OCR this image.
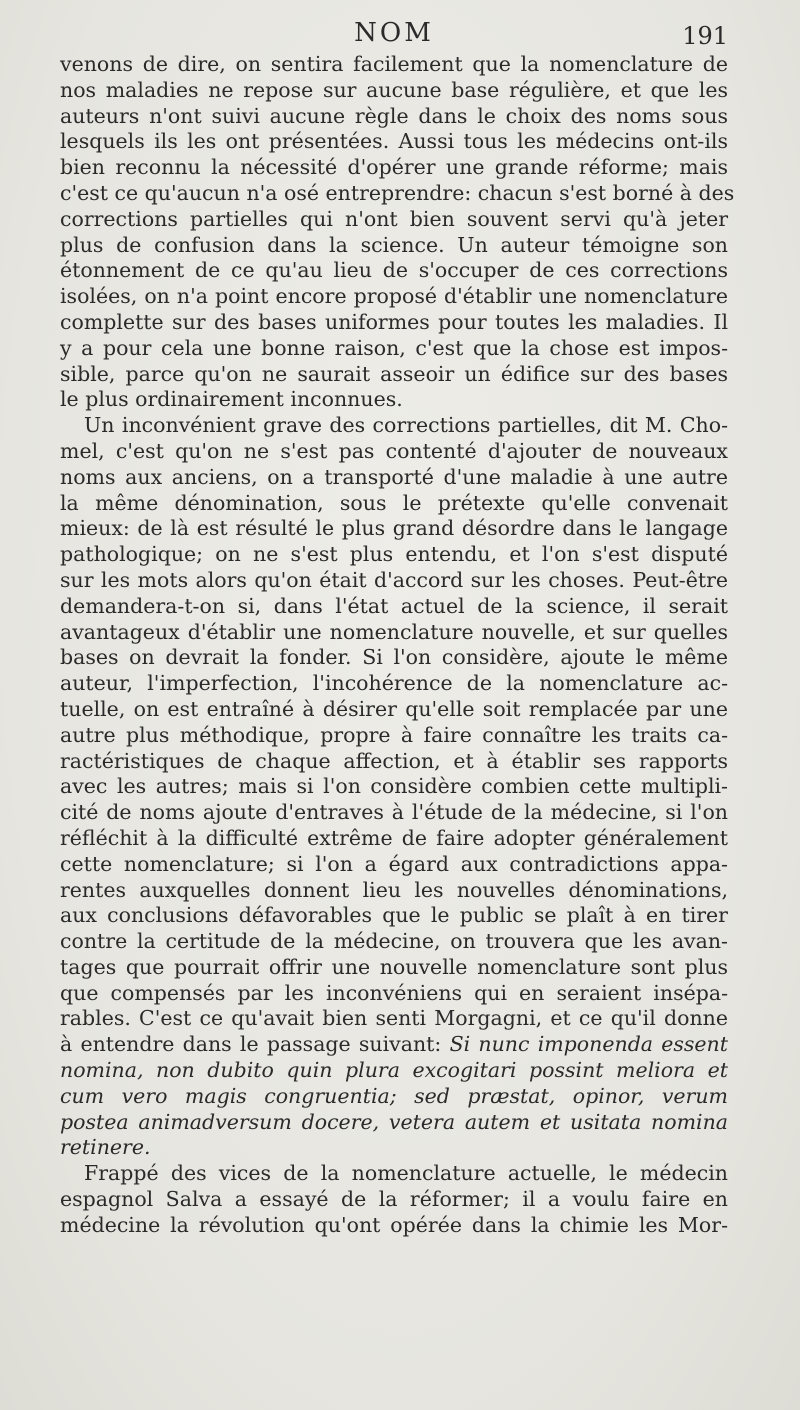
NOM	191
venons de dire, on sentira facilement que la nomenclature de
nos maladies ne repose sur aucune base régulière, et que les
auteurs n'ont suivi aucune règle dans le choix des noms sous
lesquels ils les ont présentées. Aussi tous les médecins ont-ils
bien reconnu la nécessité d'opérer une grande réforme; mais
c'est ce qu'aucun n'a osé entreprendre: chacun s'est borné à des
corrections partielles qui n'ont bien souvent servi qu'à jeter
plus de confusion dans la science. Un auteur témoigne son
étonnement de ce qu'au lieu de s'occuper de ces corrections
isolées, on n'a point encore proposé d'établir une nomenclature
complette sur des bases uniformes pour toutes les maladies. Il
y a pour cela une bonne raison, c'est que la chose est impos-
sible, parce qu'on ne saurait asseoir un édifice sur des bases
le plus ordinairement inconnues.
Un inconvénient grave des corrections partielles, dit M. Cho-
mel, c'est qu'on ne s'est pas contenté d'ajouter de nouveaux
noms aux anciens, on a transporté d'une maladie à une autre
la même dénomination, sous le prétexte qu'elle convenait
mieux: de là est résulté le plus grand désordre dans le langage
pathologique; on ne s'est plus entendu, et l'on s'est disputé
sur les mots alors qu'on était d'accord sur les choses. Peut-être
demandera-t-on si, dans l'état actuel de la science, il serait
avantageux d'établir une nomenclature nouvelle, et sur quelles
bases on devrait la fonder. Si l'on considère, ajoute le même
auteur, l'imperfection, l'incohérence de la nomenclature ac-
tuelle, on est entraîné à désirer qu'elle soit remplacée par une
autre plus méthodique, propre à faire connaître les traits ca-
ractéristiques de chaque affection, et à établir ses rapports
avec les autres; mais si l'on considère combien cette multipli-
cité de noms ajoute d'entraves à l'étude de la médecine, si l'on
réfléchit à la difficulté extrême de faire adopter généralement
cette nomenclature; si l'on a égard aux contradictions appa-
rentes auxquelles donnent lieu les nouvelles dénominations,
aux conclusions défavorables que le public se plaît à en tirer
contre la certitude de la médecine, on trouvera que les avan-
tages que pourrait offrir une nouvelle nomenclature sont plus
que compensés par les inconvéniens qui en seraient insépa-
rables. C'est ce qu'avait bien senti Morgagni, et ce qu'il donne
à entendre dans le passage suivant: Si nunc imponenda essent
nomina, non dubito quin plura excogitari possint meliora et
cum vero magis congruentia; sed præstat, opinor, verum
postea animadversum docere, vetera autem et usitata nomina
retinere.
Frappé des vices de la nomenclature actuelle, le médecin
espagnol Salva a essayé de la réformer; il a voulu faire en
médecine la révolution qu'ont opérée dans la chimie les Mor-
